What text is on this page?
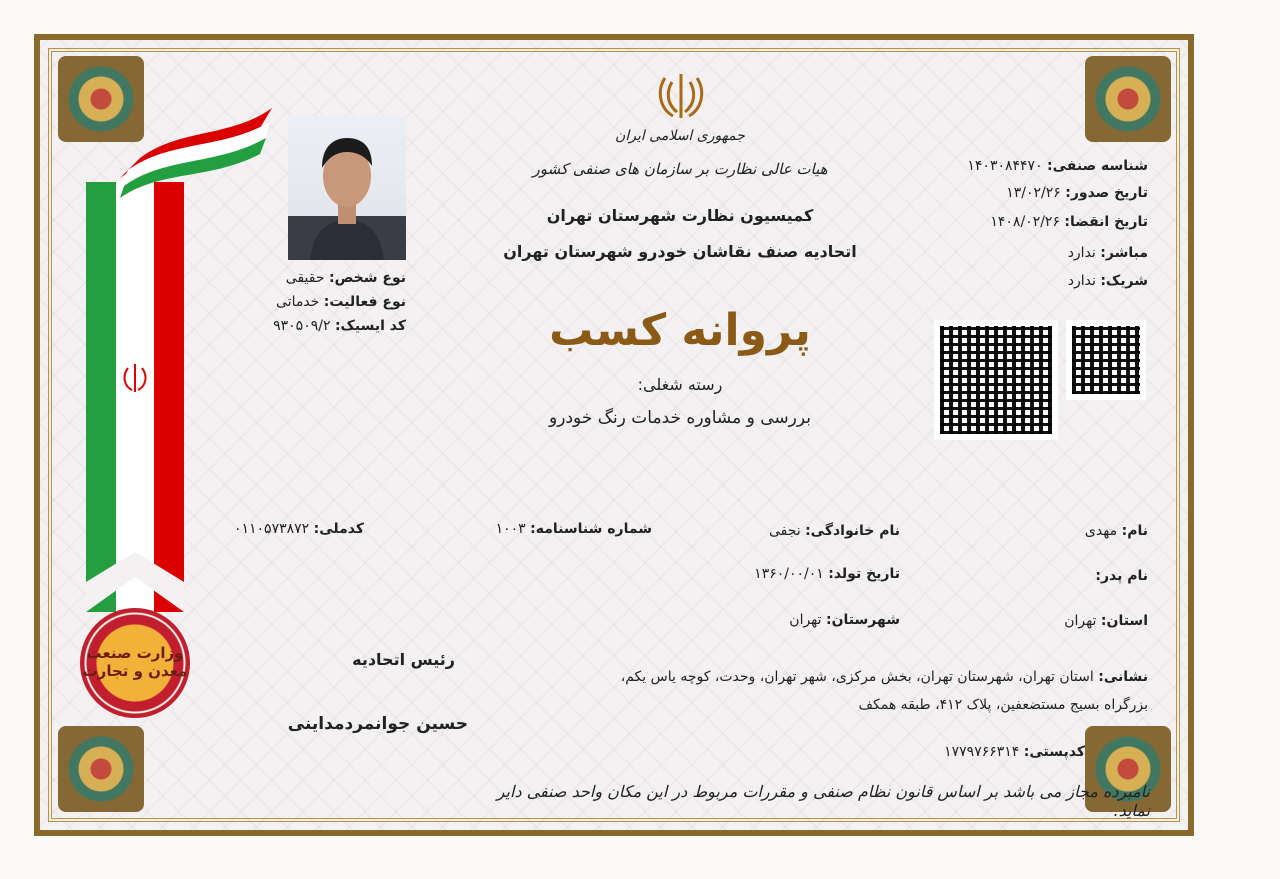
جمهوری اسلامی ایران
هیات عالی نظارت بر سازمان های صنفی کشور
کمیسیون نظارت شهرستان تهران
اتحادیه صنف نقاشان خودرو شهرستان تهران
پروانه کسب
رسته شغلی:
بررسی و مشاوره خدمات رنگ خودرو
شناسه صنفی: ۱۴۰۳۰۸۴۴۷۰
تاریخ صدور: ۱۳/۰۲/۲۶
تاریخ انقضا: ۱۴۰۸/۰۲/۲۶
مباشر: ندارد
شریک: ندارد
نوع شخص: حقیقی
نوع فعالیت: خدماتی
کد ایسیک: ۹۳۰۵۰۹/۲
وزارت صنعت معدن و تجارت
نام: مهدی
نام خانوادگی: نجفی
شماره شناسنامه: ۱۰۰۳
کدملی: ۰۱۱۰۵۷۳۸۷۲
نام پدر:
تاریخ تولد: ۱۳۶۰/۰۰/۰۱
استان: تهران
شهرستان: تهران
نشانی: استان تهران، شهرستان تهران، بخش مرکزی، شهر تهران، وحدت، کوچه یاس یکم،
بزرگراه بسیج مستضعفین، پلاک ۴۱۲، طبقه همکف
کدپستی: ۱۷۷۹۷۶۶۳۱۴
رئیس اتحادیه
حسین جوانمردمداینی
نامبرده مجاز می باشد بر اساس قانون نظام صنفی و مقررات مربوط در این مکان واحد صنفی دایر نماید.
